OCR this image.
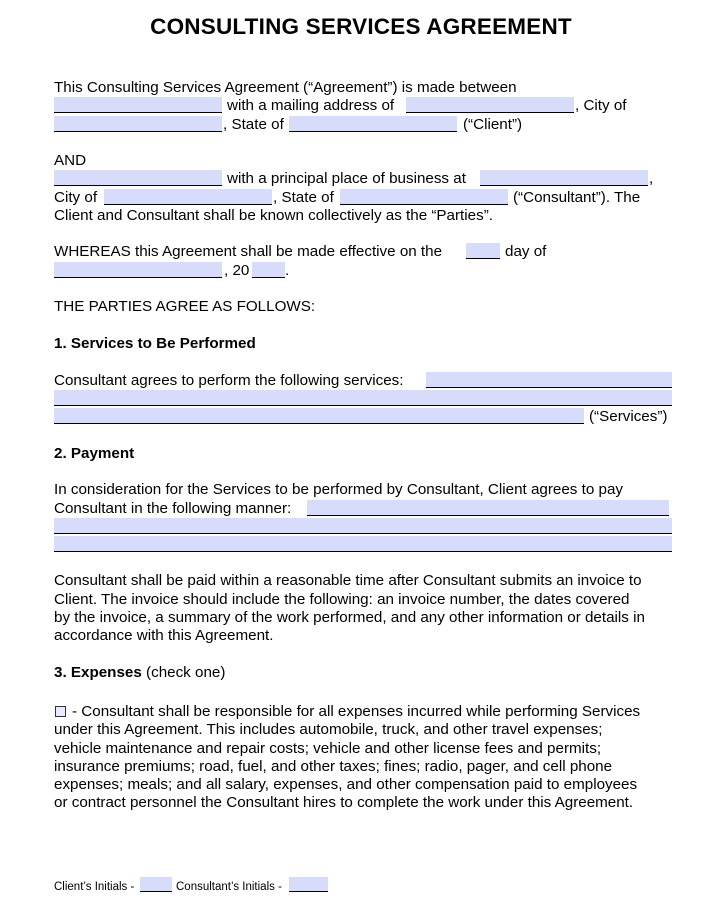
CONSULTING SERVICES AGREEMENT
This Consulting Services Agreement (“Agreement”) is made between
with a mailing address of	, City of
, State of	(“Client”)
AND
with a principal place of business at	,
City of	, State of	(“Consultant”). The
Client and Consultant shall be known collectively as the “Parties”.
WHEREAS this Agreement shall be made effective on the	day of
, 20 .
THE PARTIES AGREE AS FOLLOWS:
1. Services to Be Performed
Consultant agrees to perform the following services:
(“Services”)
2. Payment
In consideration for the Services to be performed by Consultant, Client agrees to pay
Consultant in the following manner:
Consultant shall be paid within a reasonable time after Consultant submits an invoice to
Client. The invoice should include the following: an invoice number, the dates covered
by the invoice, a summary of the work performed, and any other information or details in
accordance with this Agreement.
3. Expenses (check one)
- Consultant shall be responsible for all expenses incurred while performing Services
under this Agreement. This includes automobile, truck, and other travel expenses;
vehicle maintenance and repair costs; vehicle and other license fees and permits;
insurance premiums; road, fuel, and other taxes; fines; radio, pager, and cell phone
expenses; meals; and all salary, expenses, and other compensation paid to employees
or contract personnel the Consultant hires to complete the work under this Agreement.
Client’s Initials -	Consultant’s Initials -
